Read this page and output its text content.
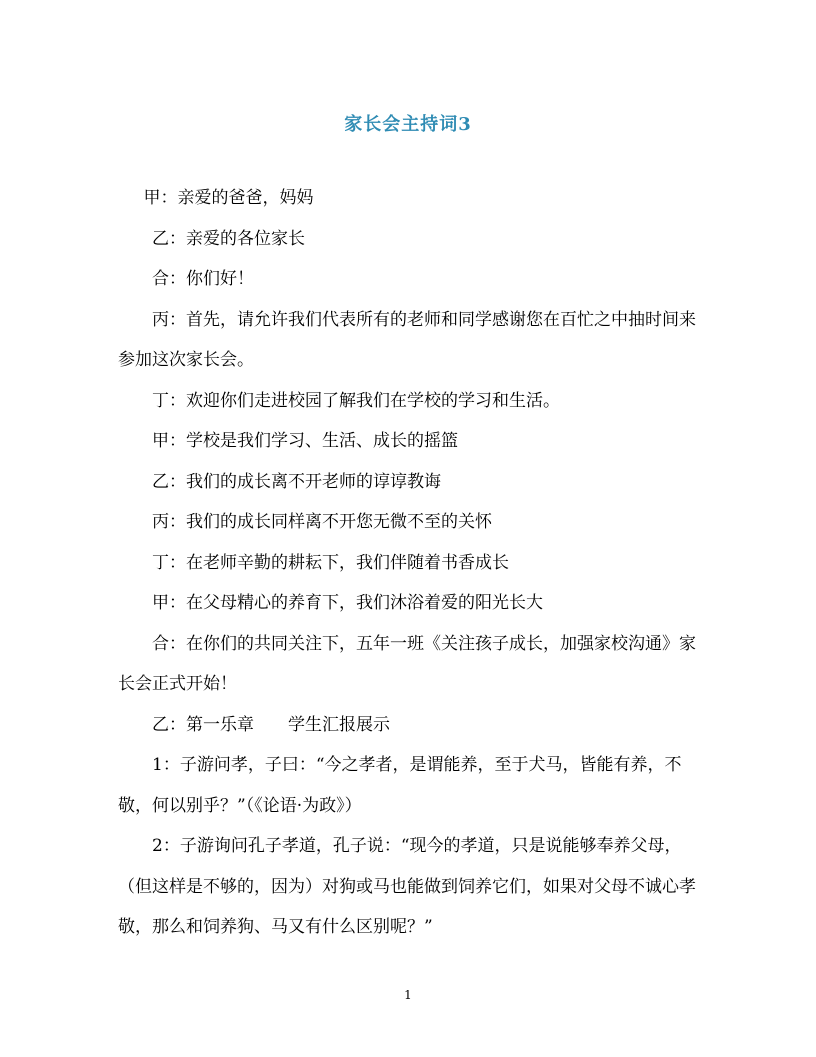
家长会主持词3

甲：亲爱的爸爸，妈妈

乙：亲爱的各位家长

合：你们好！

丙：首先，请允许我们代表所有的老师和同学感谢您在百忙之中抽时间来参加这次家长会。

丁：欢迎你们走进校园了解我们在学校的学习和生活。

甲：学校是我们学习、生活、成长的摇篮

乙：我们的成长离不开老师的谆谆教诲

丙：我们的成长同样离不开您无微不至的关怀

丁：在老师辛勤的耕耘下，我们伴随着书香成长

甲：在父母精心的养育下，我们沐浴着爱的阳光长大

合：在你们的共同关注下，五年一班《关注孩子成长，加强家校沟通》家长会正式开始！

乙：第一乐章　　学生汇报展示

1：子游问孝，子曰：“今之孝者，是谓能养，至于犬马，皆能有养，不敬，何以别乎？”（《论语·为政》）

2：子游询问孔子孝道，孔子说：“现今的孝道，只是说能够奉养父母，（但这样是不够的，因为）对狗或马也能做到饲养它们，如果对父母不诚心孝敬，那么和饲养狗、马又有什么区别呢？”

1
